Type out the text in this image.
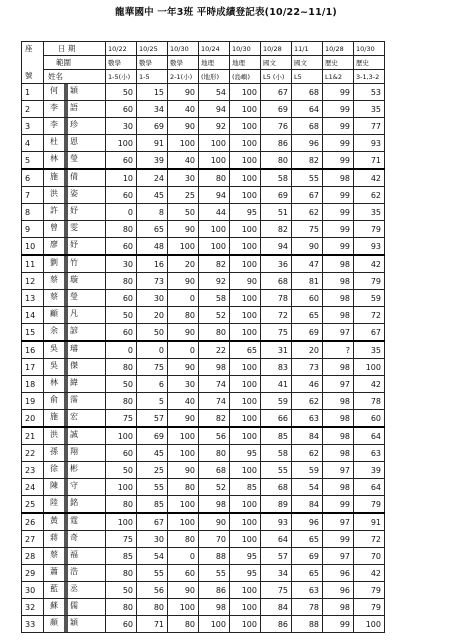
龍華國中 一年3班 平時成績登記表(10/22~11/1)
座
號	日 期	10/22	10/25	10/30	10/24	10/30	10/28	11/1	10/28	10/30
	範圍	數學	數學	數學	地理	地理	國文	國文	歷史	歷史
	姓名	1-5(小)	1-5	2-1(小)	(地形)	(島嶼)	L5 (小)	L5	L1&2	3-1,3-2
1	何 穎	50	15	90	54	100	67	68	99	53
2	李 語	60	34	40	94	100	69	64	99	35
3	李 珍	30	69	90	92	100	76	68	99	77
4	杜 恩	100	91	100	100	100	86	96	99	93
5	林 瑩	60	39	40	100	100	80	82	99	71
6	施 倩	10	24	30	80	100	58	55	98	42
7	洪 姿	60	45	25	94	100	69	67	99	62
8	許 妤	0	8	50	44	95	51	62	99	35
9	曾 雯	80	65	90	100	100	82	75	99	79
10	廖 妤	60	48	100	100	100	94	90	99	93
11	劉 竹	30	16	20	82	100	36	47	98	42
12	蔡 璇	80	73	90	92	90	68	81	98	79
13	蔡 瑩	60	30	0	58	100	78	60	98	59
14	顧 凡	50	20	80	52	100	72	65	98	72
15	余 諺	60	50	90	80	100	75	69	97	67
16	吳 璿	0	0	0	22	65	31	20	?	35
17	吳 傑	80	75	90	98	100	83	73	98	100
18	林 緯	50	6	30	74	100	41	46	97	42
19	俞 霈	80	5	40	74	100	59	62	98	78
20	施 宏	75	57	90	82	100	66	63	98	60
21	洪 誠	100	69	100	56	100	85	84	98	64
22	孫 翔	60	45	100	80	95	58	62	98	63
23	徐 彬	50	25	90	68	100	55	59	97	39
24	陳 守	100	55	80	52	85	68	54	98	64
25	陸 銘	80	85	100	98	100	89	84	99	79
26	黃 霆	100	67	100	90	100	93	96	97	91
27	蔣 奇	75	30	80	70	100	64	65	99	72
28	蔡 福	85	54	0	88	95	57	69	97	70
29	蕭 浩	80	55	60	55	95	34	65	96	42
30	藍 丞	50	56	90	86	100	75	63	96	79
32	蘇 儒	80	80	100	98	100	84	78	98	79
33	顏 穎	60	71	80	100	100	86	88	99	100
